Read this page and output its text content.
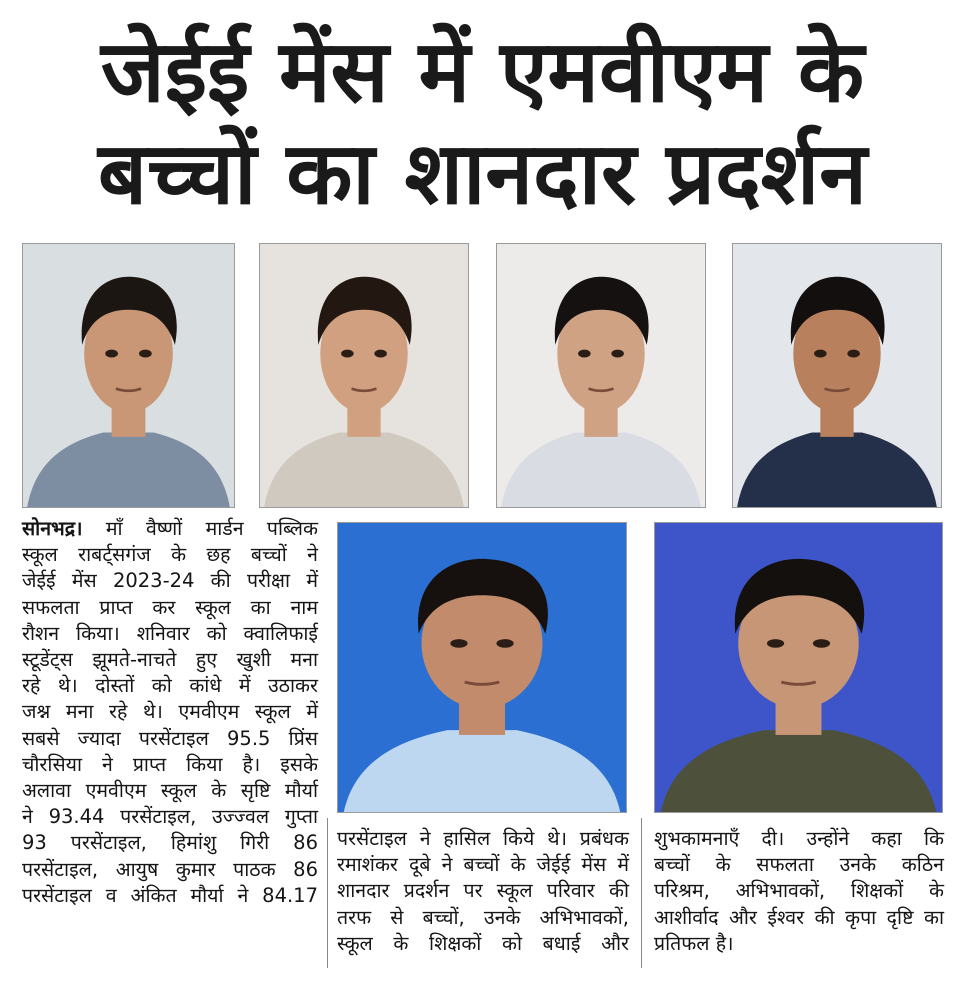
जेईई मेंस में एमवीएम के
बच्चों का शानदार प्रदर्शन
सोनभद्र। माँ वैष्णों मार्डन पब्लिक
स्कूल राबर्ट्सगंज के छह बच्चों ने
जेईई मेंस 2023-24 की परीक्षा में
सफलता प्राप्त कर स्कूल का नाम
रौशन किया। शनिवार को क्वालिफाई
स्टूडेंट्स झूमते-नाचते हुए खुशी मना
रहे थे। दोस्तों को कांधे में उठाकर
जश्न मना रहे थे। एमवीएम स्कूल में
सबसे ज्यादा परसेंटाइल 95.5 प्रिंस
चौरसिया ने प्राप्त किया है। इसके
अलावा एमवीएम स्कूल के सृष्टि मौर्या
ने 93.44 परसेंटाइल, उज्ज्वल गुप्ता
93 परसेंटाइल, हिमांशु गिरी 86
परसेंटाइल, आयुष कुमार पाठक 86
परसेंटाइल व अंकित मौर्या ने 84.17
परसेंटाइल ने हासिल किये थे। प्रबंधक
रमाशंकर दूबे ने बच्चों के जेईई मेंस में
शानदार प्रदर्शन पर स्कूल परिवार की
तरफ से बच्चों, उनके अभिभावकों,
स्कूल के शिक्षकों को बधाई और
शुभकामनाएँ दी। उन्होंने कहा कि
बच्चों के सफलता उनके कठिन
परिश्रम, अभिभावकों, शिक्षकों के
आशीर्वाद और ईश्वर की कृपा दृष्टि का
प्रतिफल है।
